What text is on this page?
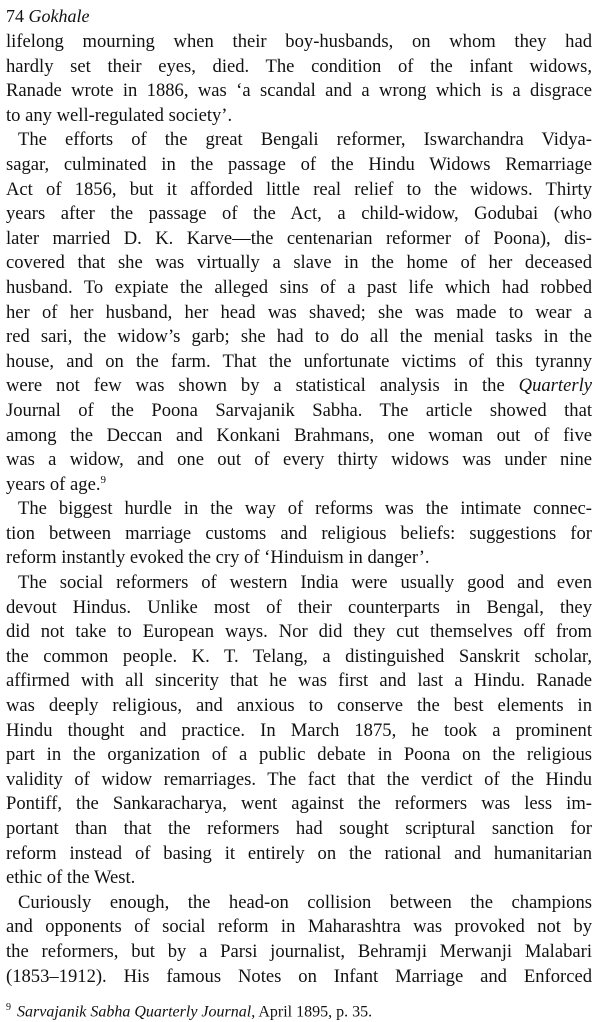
74 Gokhale
lifelong mourning when their boy-husbands, on whom they had
hardly set their eyes, died. The condition of the infant widows,
Ranade wrote in 1886, was ‘a scandal and a wrong which is a disgrace
to any well-regulated society’.
The efforts of the great Bengali reformer, Iswarchandra Vidya-
sagar, culminated in the passage of the Hindu Widows Remarriage
Act of 1856, but it afforded little real relief to the widows. Thirty
years after the passage of the Act, a child-widow, Godubai (who
later married D. K. Karve—the centenarian reformer of Poona), dis-
covered that she was virtually a slave in the home of her deceased
husband. To expiate the alleged sins of a past life which had robbed
her of her husband, her head was shaved; she was made to wear a
red sari, the widow’s garb; she had to do all the menial tasks in the
house, and on the farm. That the unfortunate victims of this tyranny
were not few was shown by a statistical analysis in the Quarterly
Journal of the Poona Sarvajanik Sabha. The article showed that
among the Deccan and Konkani Brahmans, one woman out of five
was a widow, and one out of every thirty widows was under nine
years of age.$^9$
The biggest hurdle in the way of reforms was the intimate connec-
tion between marriage customs and religious beliefs: suggestions for
reform instantly evoked the cry of ‘Hinduism in danger’.
The social reformers of western India were usually good and even
devout Hindus. Unlike most of their counterparts in Bengal, they
did not take to European ways. Nor did they cut themselves off from
the common people. K. T. Telang, a distinguished Sanskrit scholar,
affirmed with all sincerity that he was first and last a Hindu. Ranade
was deeply religious, and anxious to conserve the best elements in
Hindu thought and practice. In March 1875, he took a prominent
part in the organization of a public debate in Poona on the religious
validity of widow remarriages. The fact that the verdict of the Hindu
Pontiff, the Sankaracharya, went against the reformers was less im-
portant than that the reformers had sought scriptural sanction for
reform instead of basing it entirely on the rational and humanitarian
ethic of the West.
Curiously enough, the head-on collision between the champions
and opponents of social reform in Maharashtra was provoked not by
the reformers, but by a Parsi journalist, Behramji Merwanji Malabari
(1853–1912). His famous Notes on Infant Marriage and Enforced
$^9$ Sarvajanik Sabha Quarterly Journal, April 1895, p. 35.
